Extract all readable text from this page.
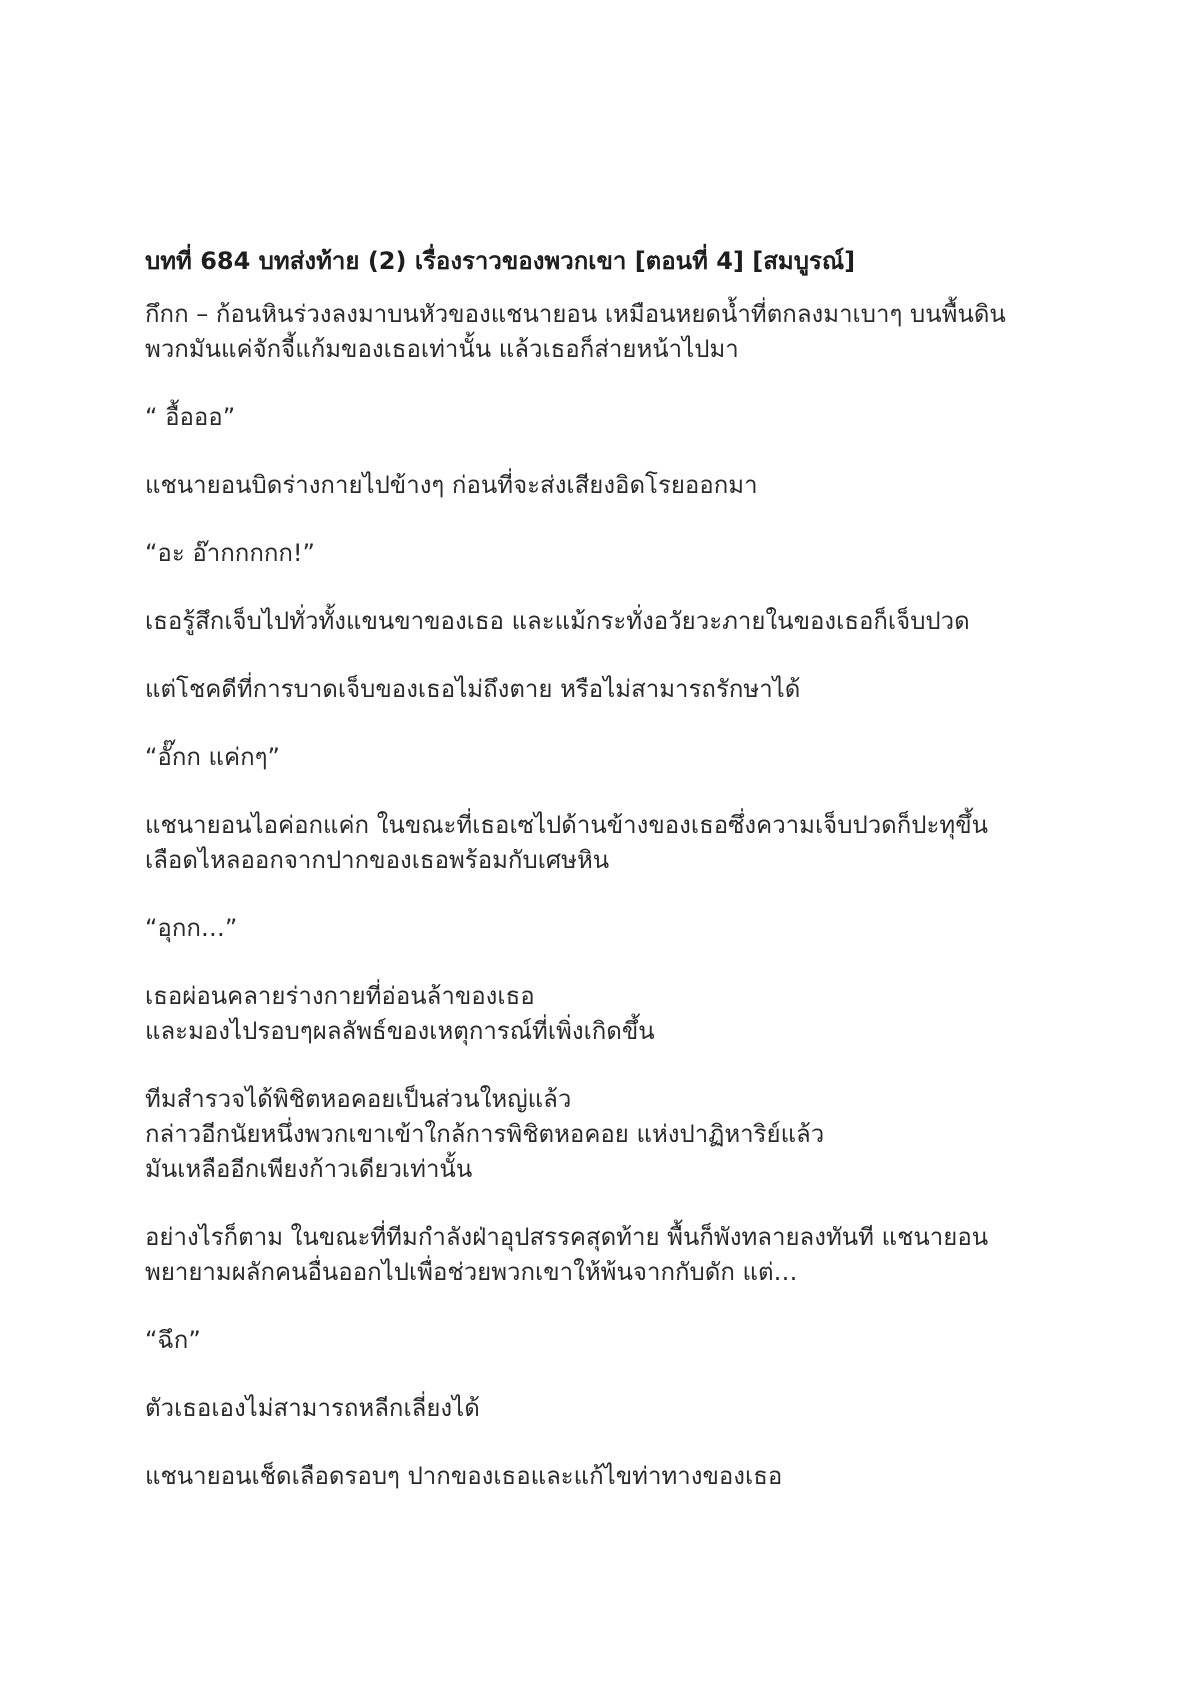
บทที่ 684 บทส่งท้าย (2) เรื่องราวของพวกเขา [ตอนที่ 4] [สมบูรณ์]

กึกก – ก้อนหินร่วงลงมาบนหัวของแชนายอน เหมือนหยดน้ำที่ตกลงมาเบาๆ บนพื้นดิน
พวกมันแค่จักจี้แก้มของเธอเท่านั้น แล้วเธอก็ส่ายหน้าไปมา

“ อื้อออ”

แชนายอนบิดร่างกายไปข้างๆ ก่อนที่จะส่งเสียงอิดโรยออกมา

“อะ อ๊ากกกกก!”

เธอรู้สึกเจ็บไปทั่วทั้งแขนขาของเธอ และแม้กระทั่งอวัยวะภายในของเธอก็เจ็บปวด

แต่โชคดีที่การบาดเจ็บของเธอไม่ถึงตาย หรือไม่สามารถรักษาได้

“อั๊กก แค่กๆ”

แชนายอนไอค่อกแค่ก ในขณะที่เธอเซไปด้านข้างของเธอซึ่งความเจ็บปวดก็ปะทุขึ้น
เลือดไหลออกจากปากของเธอพร้อมกับเศษหิน

“อุกก…”

เธอผ่อนคลายร่างกายที่อ่อนล้าของเธอ
และมองไปรอบๆผลลัพธ์ของเหตุการณ์ที่เพิ่งเกิดขึ้น

ทีมสำรวจได้พิชิตหอคอยเป็นส่วนใหญ่แล้ว
กล่าวอีกนัยหนึ่งพวกเขาเข้าใกล้การพิชิตหอคอย แห่งปาฏิหาริย์แล้ว
มันเหลืออีกเพียงก้าวเดียวเท่านั้น

อย่างไรก็ตาม ในขณะที่ทีมกำลังฝ่าอุปสรรคสุดท้าย พื้นก็พังทลายลงทันที แชนายอน
พยายามผลักคนอื่นออกไปเพื่อช่วยพวกเขาให้พ้นจากกับดัก แต่…

“ฉึก”

ตัวเธอเองไม่สามารถหลีกเลี่ยงได้

แชนายอนเช็ดเลือดรอบๆ ปากของเธอและแก้ไขท่าทางของเธอ
